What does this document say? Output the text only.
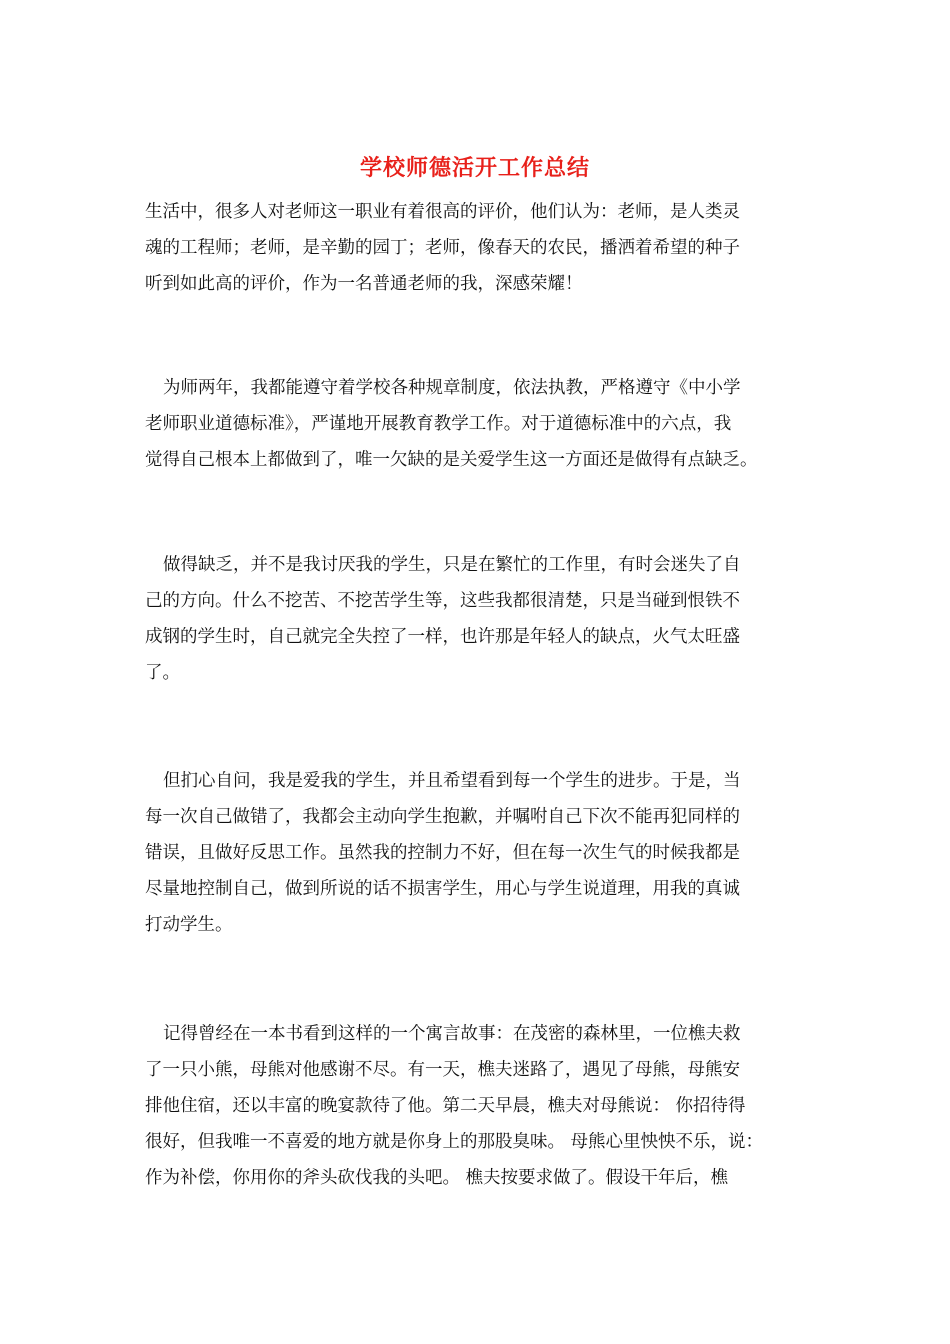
学校师德活开工作总结
生活中，很多人对老师这一职业有着很高的评价，他们认为：老师，是人类灵
魂的工程师；老师，是辛勤的园丁；老师，像春天的农民，播洒着希望的种子
听到如此高的评价，作为一名普通老师的我，深感荣耀！
为师两年，我都能遵守着学校各种规章制度，依法执教，严格遵守《中小学
老师职业道德标准》，严谨地开展教育教学工作。对于道德标准中的六点，我
觉得自己根本上都做到了，唯一欠缺的是关爱学生这一方面还是做得有点缺乏。
做得缺乏，并不是我讨厌我的学生，只是在繁忙的工作里，有时会迷失了自
己的方向。什么不挖苦、不挖苦学生等，这些我都很清楚，只是当碰到恨铁不
成钢的学生时，自己就完全失控了一样，也许那是年轻人的缺点，火气太旺盛
了。
但扪心自问，我是爱我的学生，并且希望看到每一个学生的进步。于是，当
每一次自己做错了，我都会主动向学生抱歉，并嘱咐自己下次不能再犯同样的
错误，且做好反思工作。虽然我的控制力不好，但在每一次生气的时候我都是
尽量地控制自己，做到所说的话不损害学生，用心与学生说道理，用我的真诚
打动学生。
记得曾经在一本书看到这样的一个寓言故事：在茂密的森林里，一位樵夫救
了一只小熊，母熊对他感谢不尽。有一天，樵夫迷路了，遇见了母熊，母熊安
排他住宿，还以丰富的晚宴款待了他。第二天早晨，樵夫对母熊说： 你招待得
很好，但我唯一不喜爱的地方就是你身上的那股臭味。 母熊心里怏怏不乐，说：
作为补偿，你用你的斧头砍伐我的头吧。 樵夫按要求做了。假设干年后，樵
